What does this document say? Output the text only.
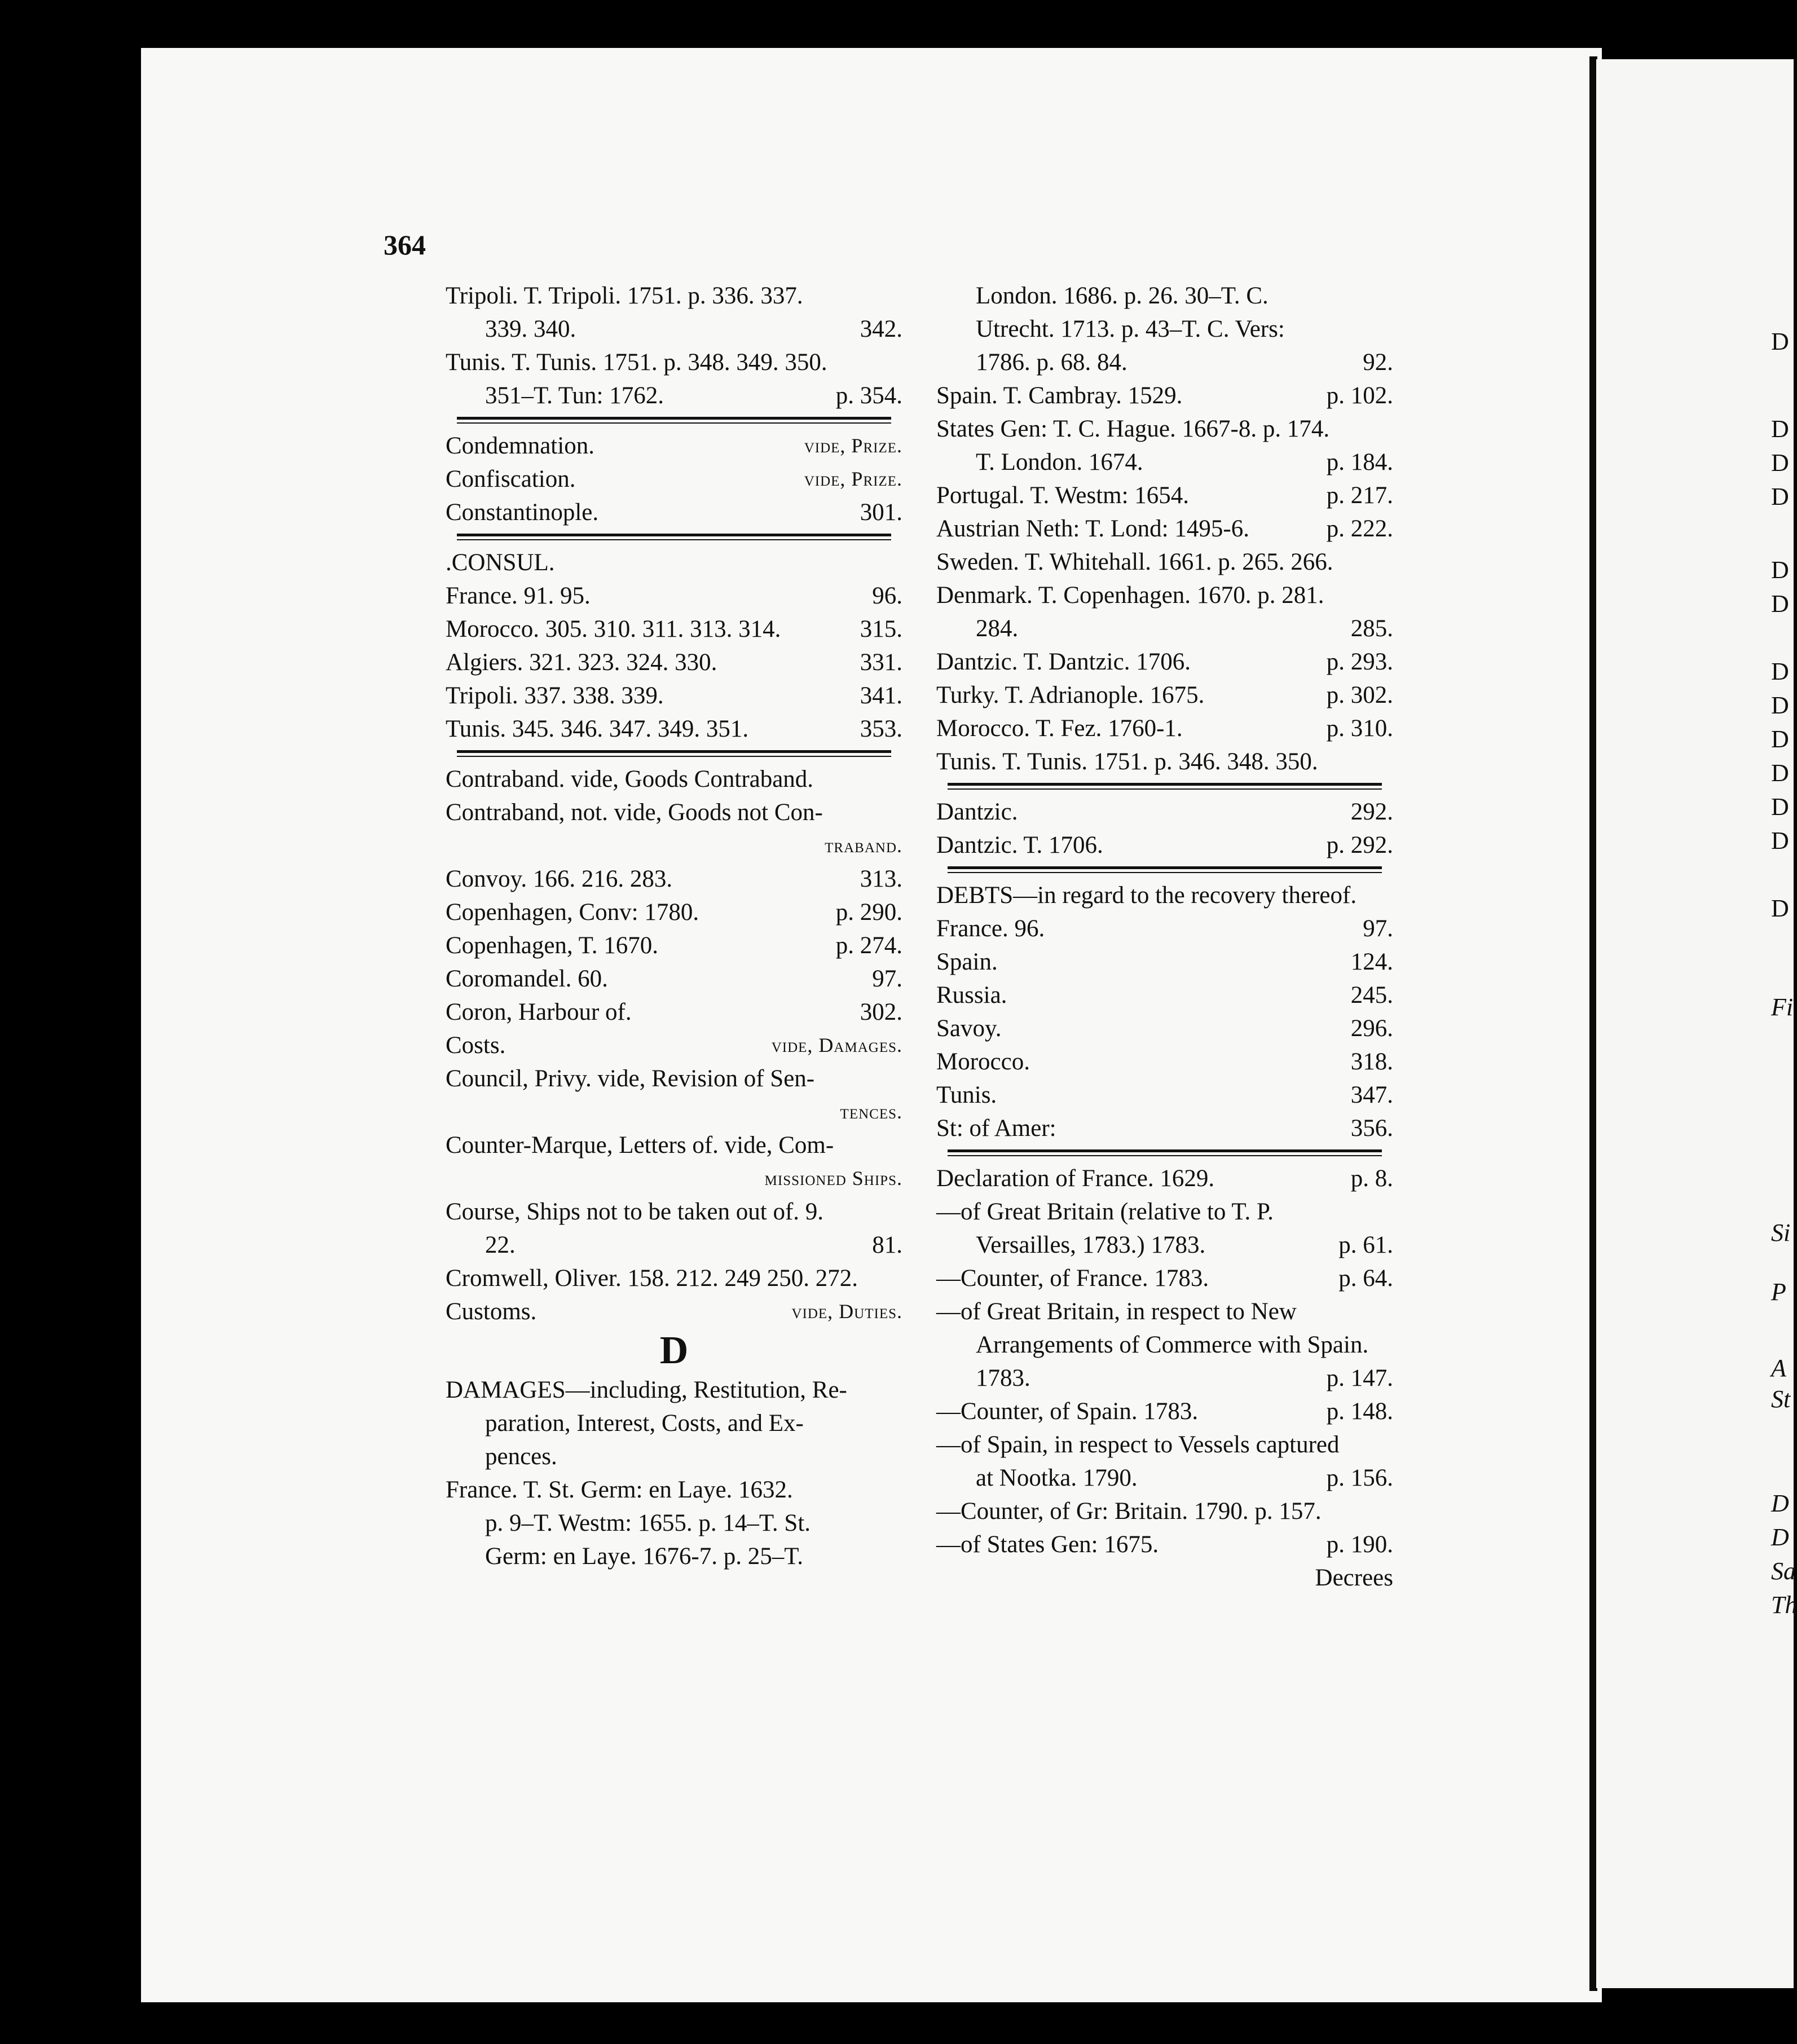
364
Tripoli. T. Tripoli. 1751. p. 336. 337.
339. 340.	342.
Tunis. T. Tunis. 1751. p. 348. 349. 350.
351–T. Tun: 1762.	p. 354.
Condemnation.	vide, Prize.
Confiscation.	vide, Prize.
Constantinople.	301.
.CONSUL.
France. 91. 95.	96.
Morocco. 305. 310. 311. 313. 314.	315.
Algiers. 321. 323. 324. 330.	331.
Tripoli. 337. 338. 339.	341.
Tunis. 345. 346. 347. 349. 351.	353.
Contraband. vide, Goods Contraband.
Contraband, not. vide, Goods not Con-
traband.
Convoy. 166. 216. 283.	313.
Copenhagen, Conv: 1780.	p. 290.
Copenhagen, T. 1670.	p. 274.
Coromandel. 60.	97.
Coron, Harbour of.	302.
Costs.	vide, Damages.
Council, Privy. vide, Revision of Sen-
tences.
Counter-Marque, Letters of. vide, Com-
missioned Ships.
Course, Ships not to be taken out of. 9.
22.	81.
Cromwell, Oliver. 158. 212. 249 250. 272.
Customs.	vide, Duties.
D
DAMAGES—including, Restitution, Re-
paration, Interest, Costs, and Ex-
pences.
France. T. St. Germ: en Laye. 1632.
p. 9–T. Westm: 1655. p. 14–T. St.
Germ: en Laye. 1676-7. p. 25–T.
London. 1686. p. 26. 30–T. C.
Utrecht. 1713. p. 43–T. C. Vers:
1786. p. 68. 84.	92.
Spain. T. Cambray. 1529.	p. 102.
States Gen: T. C. Hague. 1667-8. p. 174.
T. London. 1674.	p. 184.
Portugal. T. Westm: 1654.	p. 217.
Austrian Neth: T. Lond: 1495-6.	p. 222.
Sweden. T. Whitehall. 1661. p. 265. 266.
Denmark. T. Copenhagen. 1670. p. 281.
284.	285.
Dantzic. T. Dantzic. 1706.	p. 293.
Turky. T. Adrianople. 1675.	p. 302.
Morocco. T. Fez. 1760-1.	p. 310.
Tunis. T. Tunis. 1751. p. 346. 348. 350.
Dantzic.	292.
Dantzic. T. 1706.	p. 292.
DEBTS—in regard to the recovery thereof.
France. 96.	97.
Spain.	124.
Russia.	245.
Savoy.	296.
Morocco.	318.
Tunis.	347.
St: of Amer:	356.
Declaration of France. 1629.	p. 8.
—of Great Britain (relative to T. P.
Versailles, 1783.) 1783.	p. 61.
—Counter, of France. 1783.	p. 64.
—of Great Britain, in respect to New
Arrangements of Commerce with Spain.
1783.	p. 147.
—Counter, of Spain. 1783.	p. 148.
—of Spain, in respect to Vessels captured
at Nootka. 1790.	p. 156.
—Counter, of Gr: Britain. 1790. p. 157.
—of States Gen: 1675.	p. 190.
Decrees
D
D
D
D
D
D
D
D
D
D
D
D
D
Fi
Si
P
A
St
D
D
Sa
Th
